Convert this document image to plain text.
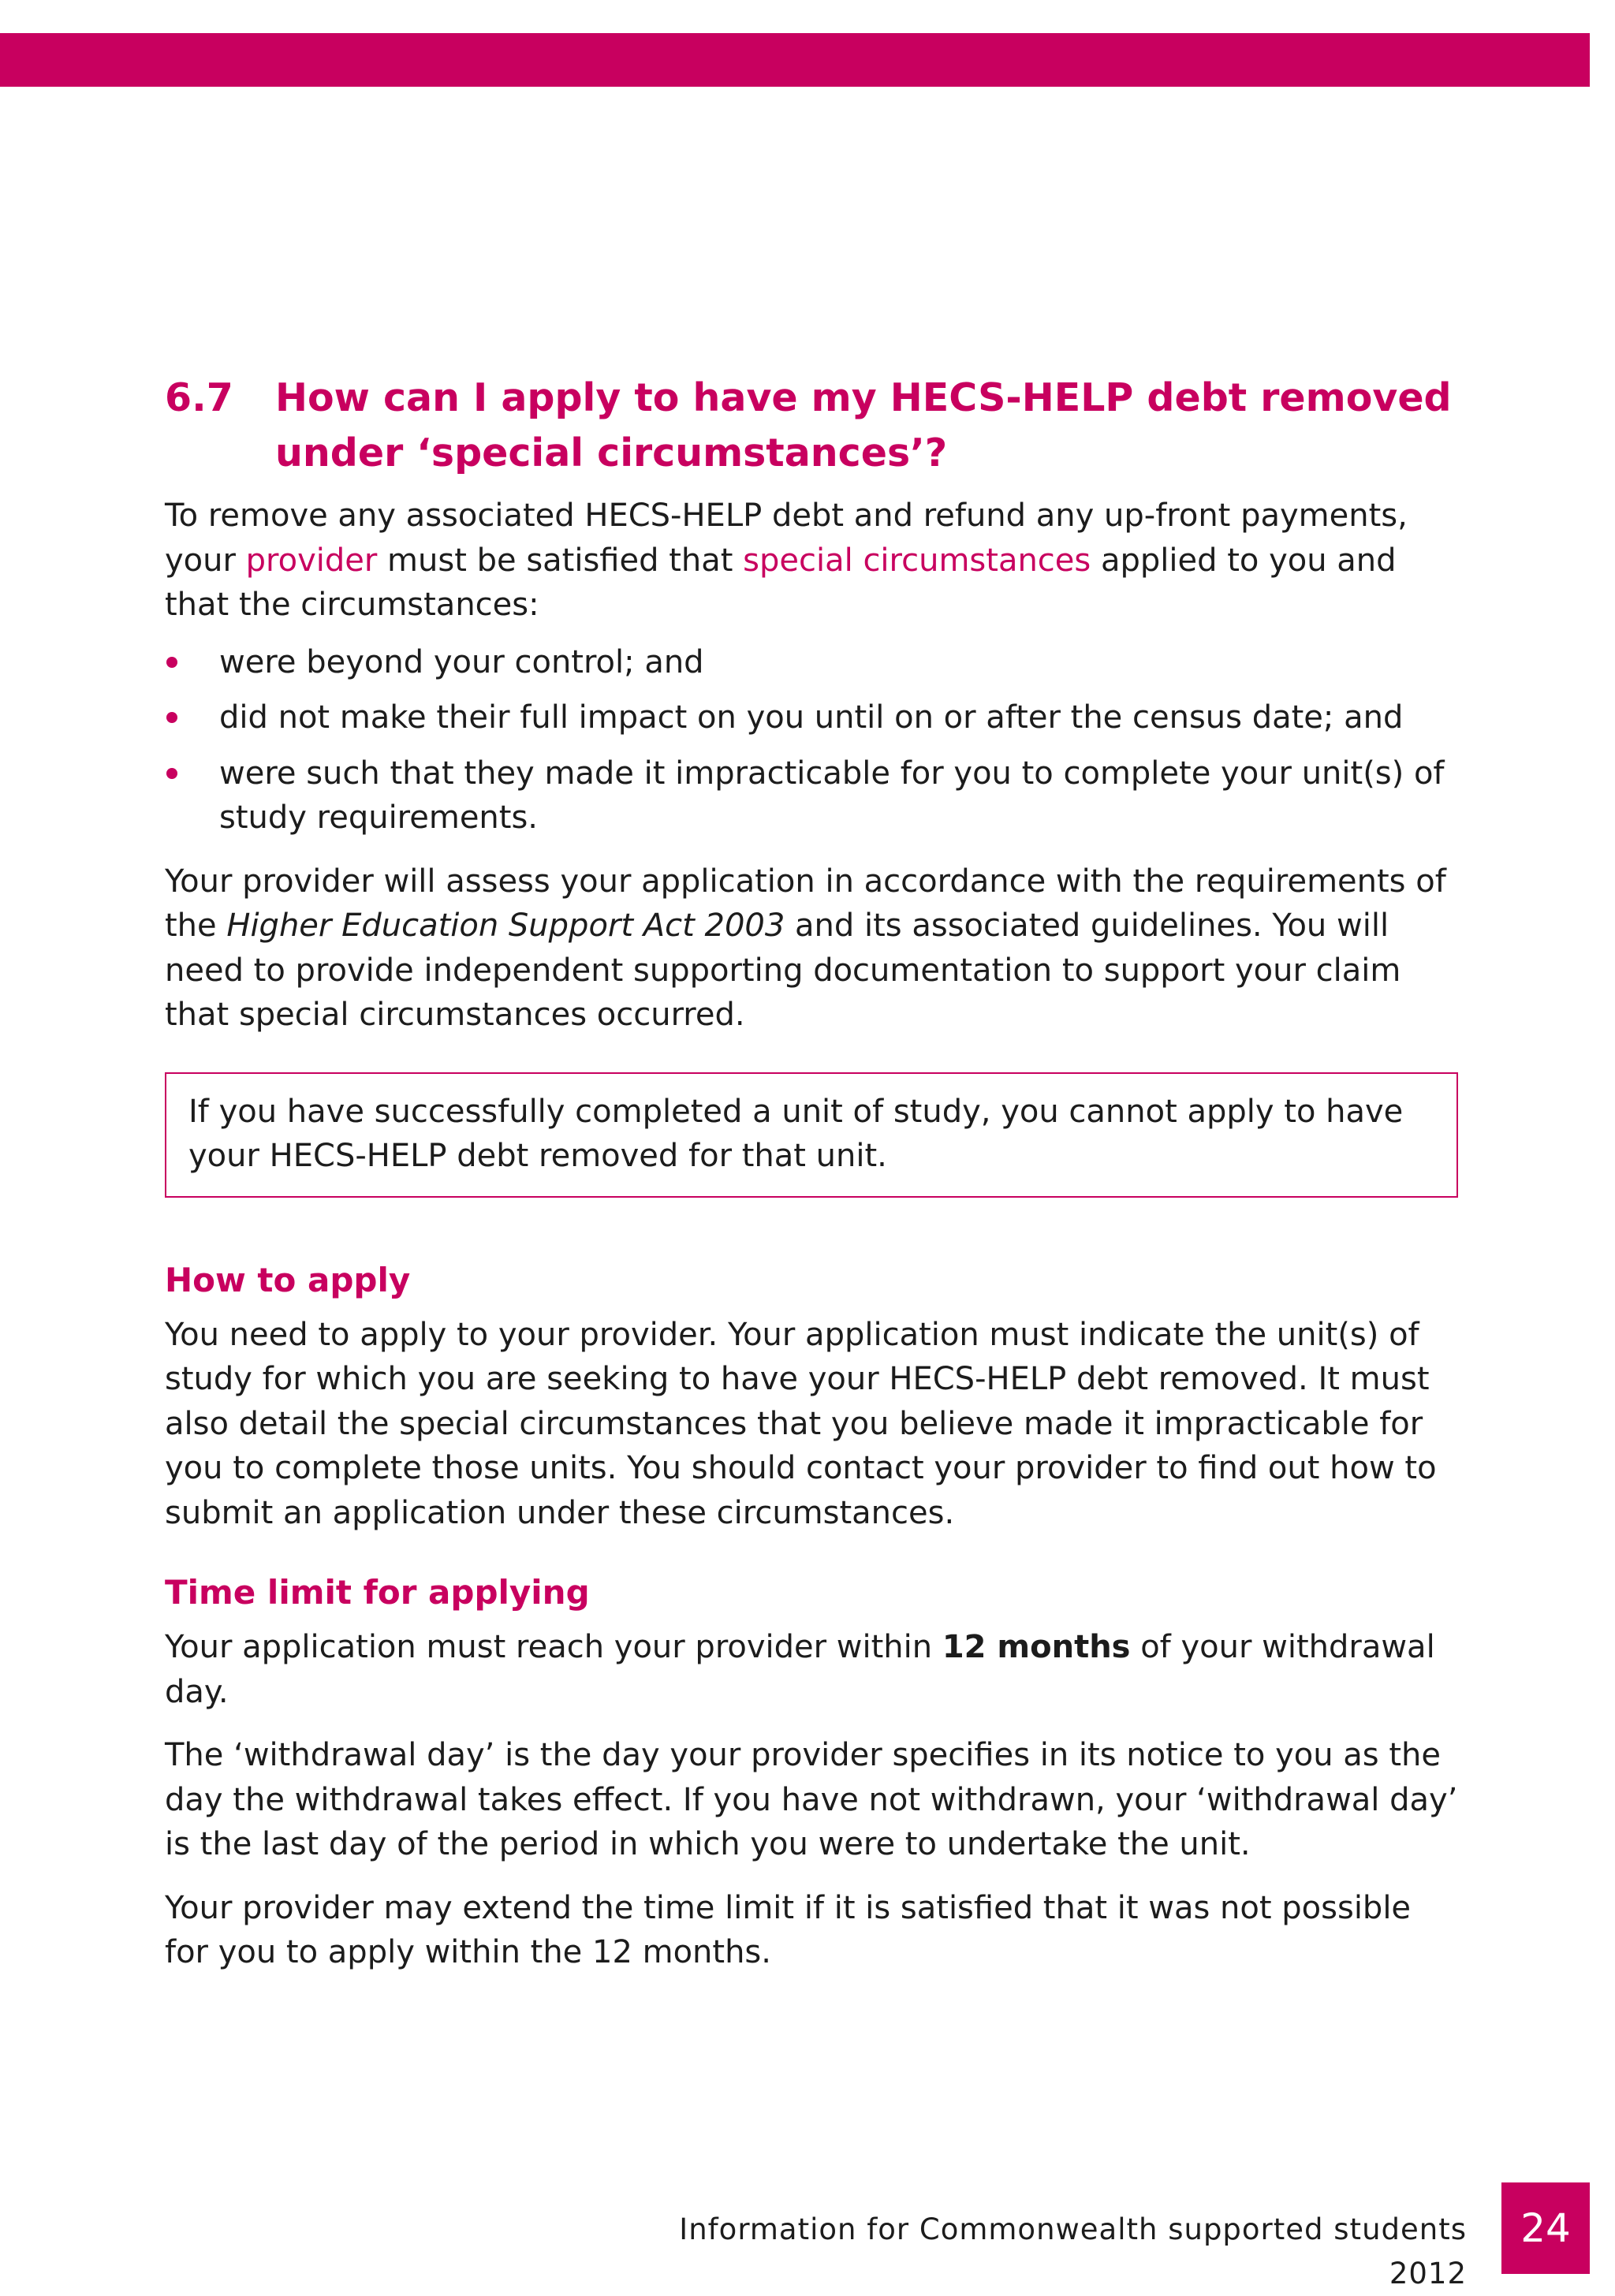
6.7	How can I apply to have my HECS-HELP debt removed under ‘special circumstances’?

To remove any associated HECS-HELP debt and refund any up-front payments, your provider must be satisfied that special circumstances applied to you and that the circumstances:

were beyond your control; and
did not make their full impact on you until on or after the census date; and
were such that they made it impracticable for you to complete your unit(s) of study requirements.

Your provider will assess your application in accordance with the requirements of the Higher Education Support Act 2003 and its associated guidelines. You will need to provide independent supporting documentation to support your claim that special circumstances occurred.

If you have successfully completed a unit of study, you cannot apply to have your HECS-HELP debt removed for that unit.

How to apply

You need to apply to your provider. Your application must indicate the unit(s) of study for which you are seeking to have your HECS-HELP debt removed. It must also detail the special circumstances that you believe made it impracticable for you to complete those units. You should contact your provider to find out how to submit an application under these circumstances.

Time limit for applying

Your application must reach your provider within 12 months of your withdrawal day.

The ‘withdrawal day’ is the day your provider specifies in its notice to you as the day the withdrawal takes effect. If you have not withdrawn, your ‘withdrawal day’ is the last day of the period in which you were to undertake the unit.

Your provider may extend the time limit if it is satisfied that it was not possible for you to apply within the 12 months.

Information for Commonwealth supported students 2012
24
